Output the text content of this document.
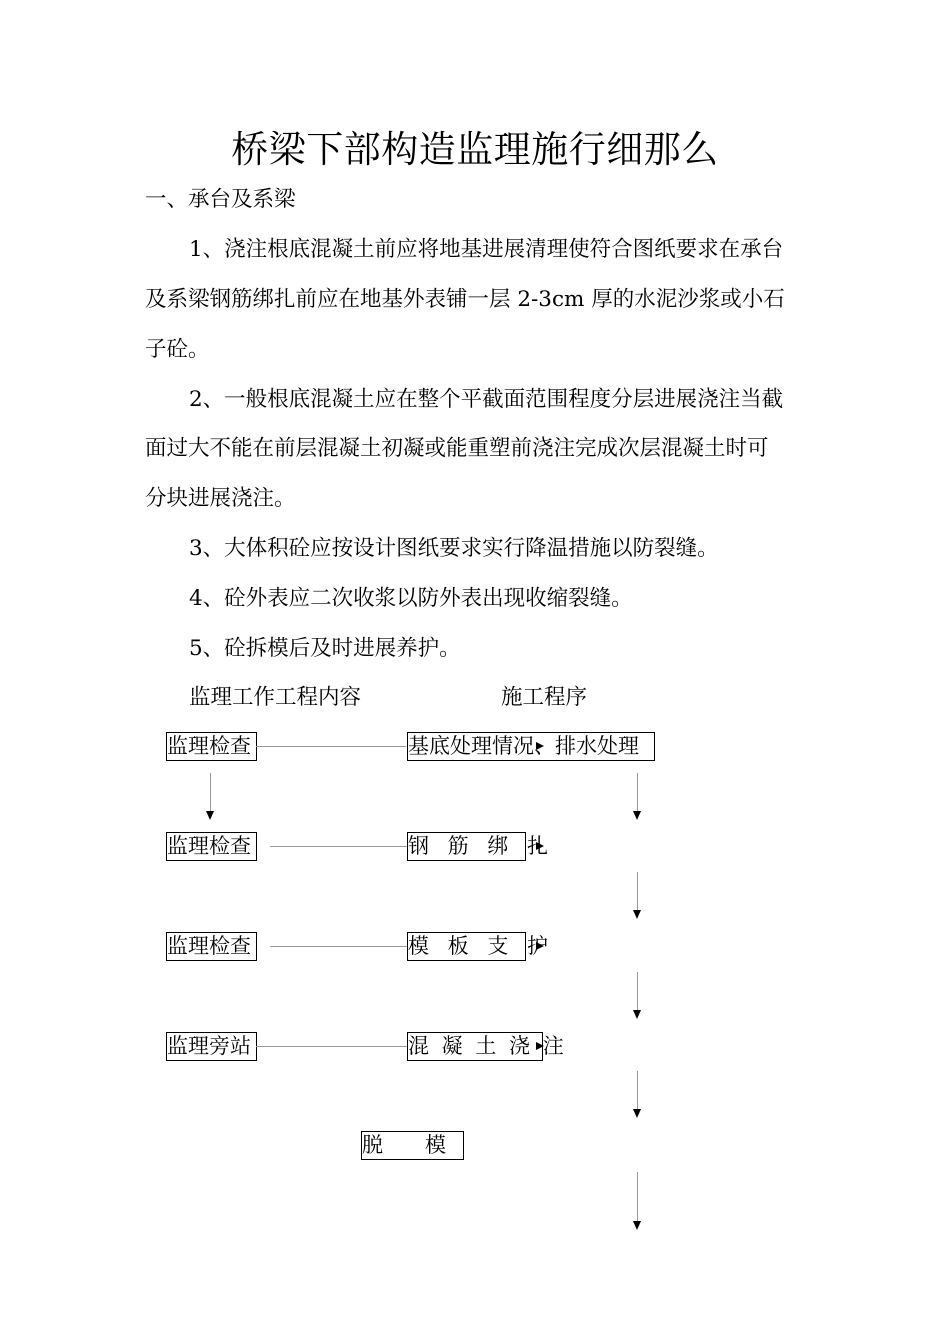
桥梁下部构造监理施行细那么
一、承台及系梁
1、浇注根底混凝土前应将地基进展清理使符合图纸要求在承台
及系梁钢筋绑扎前应在地基外表铺一层 2-3cm 厚的水泥沙浆或小石
子砼。
2、一般根底混凝土应在整个平截面范围程度分层进展浇注当截
面过大不能在前层混凝土初凝或能重塑前浇注完成次层混凝土时可
分块进展浇注。
3、大体积砼应按设计图纸要求实行降温措施以防裂缝。
4、砼外表应二次收浆以防外表出现收缩裂缝。
5、砼拆模后及时进展养护。
监理工作工程内容	施工程序
监理检查	基底处理情况、排水处理
监理检查	钢 筋 绑 扎
监理检查	模 板 支 护
监理旁站	混 凝 土 浇 注
脱　　模
